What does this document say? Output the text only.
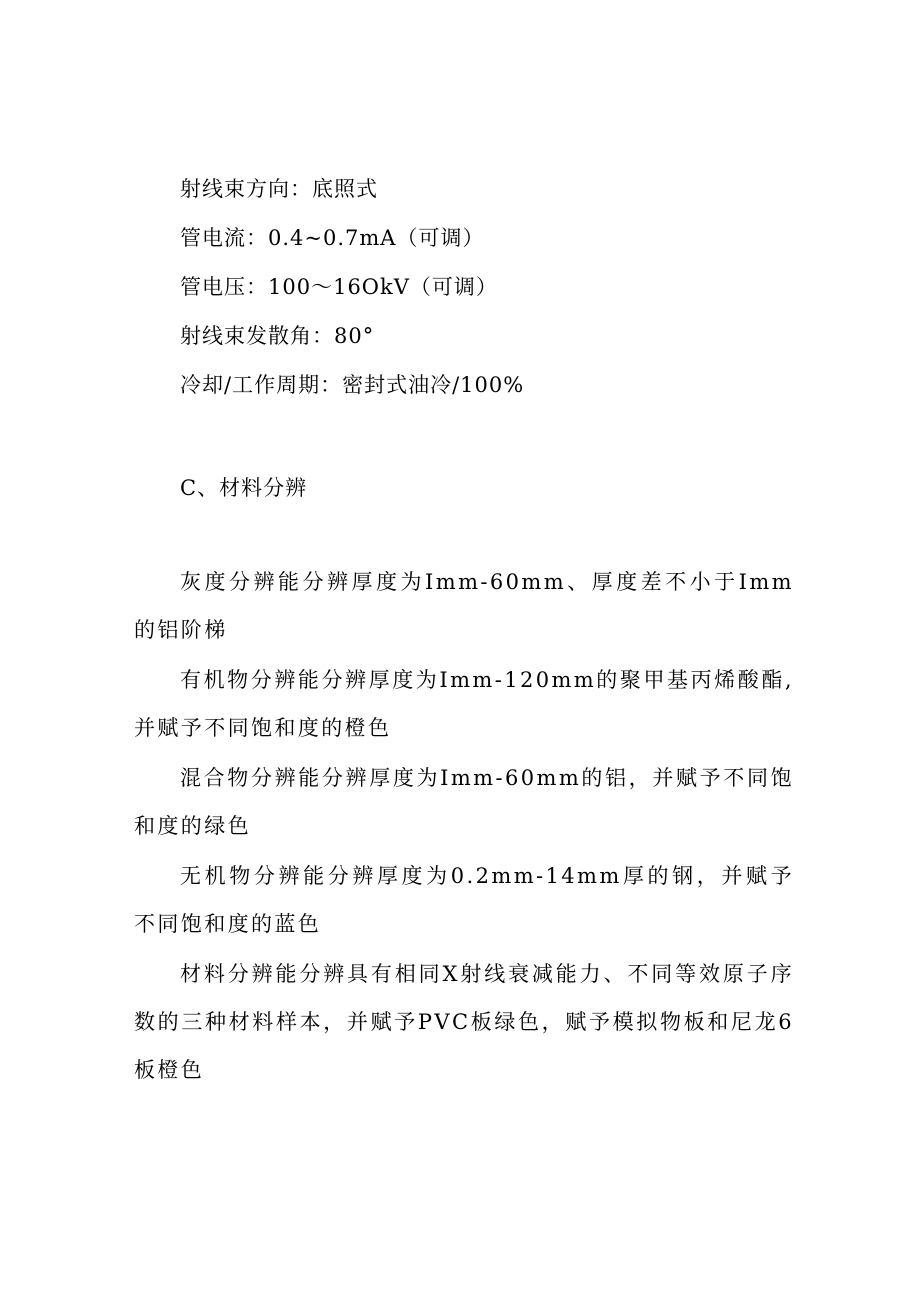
射线束方向：底照式
管电流：0.4~0.7mA（可调）
管电压：100～16OkV（可调）
射线束发散角：80°
冷却/工作周期：密封式油冷/100%
C、材料分辨

灰度分辨能分辨厚度为Imm-60mm、厚度差不小于Imm的铝阶梯

有机物分辨能分辨厚度为Imm-120mm的聚甲基丙烯酸酯,并赋予不同饱和度的橙色

混合物分辨能分辨厚度为Imm-60mm的铝，并赋予不同饱和度的绿色

无机物分辨能分辨厚度为0.2mm-14mm厚的钢，并赋予不同饱和度的蓝色

材料分辨能分辨具有相同X射线衰减能力、不同等效原子序数的三种材料样本，并赋予PVC板绿色，赋予模拟物板和尼龙6板橙色
